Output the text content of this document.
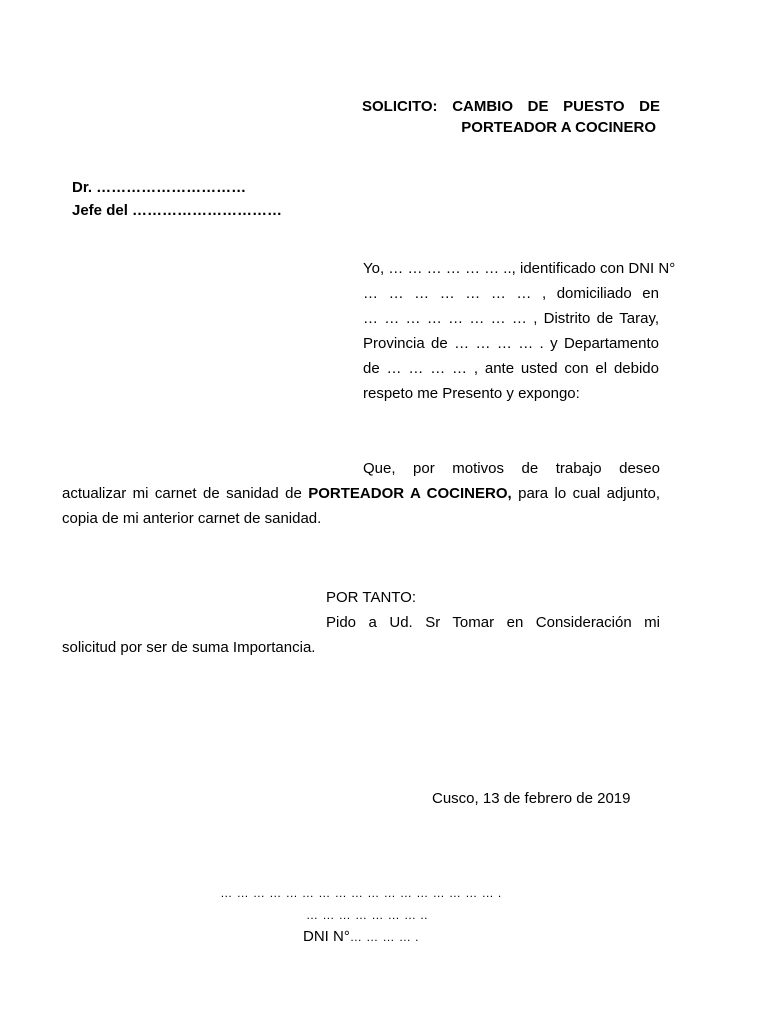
SOLICITO: CAMBIO DE PUESTO DE
PORTEADOR A COCINERO
Dr. …………………………
Jefe del …………………………
Yo, … … … … … … .., identificado con DNI N°
… … … … … … … , domiciliado en
… … … … … … … … , Distrito de Taray,
Provincia de … … … … . y Departamento
de … … … … , ante usted con el debido
respeto me Presento y expongo:
Que, por motivos de trabajo deseo
actualizar mi carnet de sanidad de PORTEADOR A COCINERO, para lo cual adjunto,
copia de mi anterior carnet de sanidad.
POR TANTO:
Pido a Ud. Sr Tomar en Consideración mi
solicitud por ser de suma Importancia.
Cusco, 13 de febrero de 2019
… … … … … … … … … … … … … … … … … .
… … … … … … … ..
DNI N°… … … … .
